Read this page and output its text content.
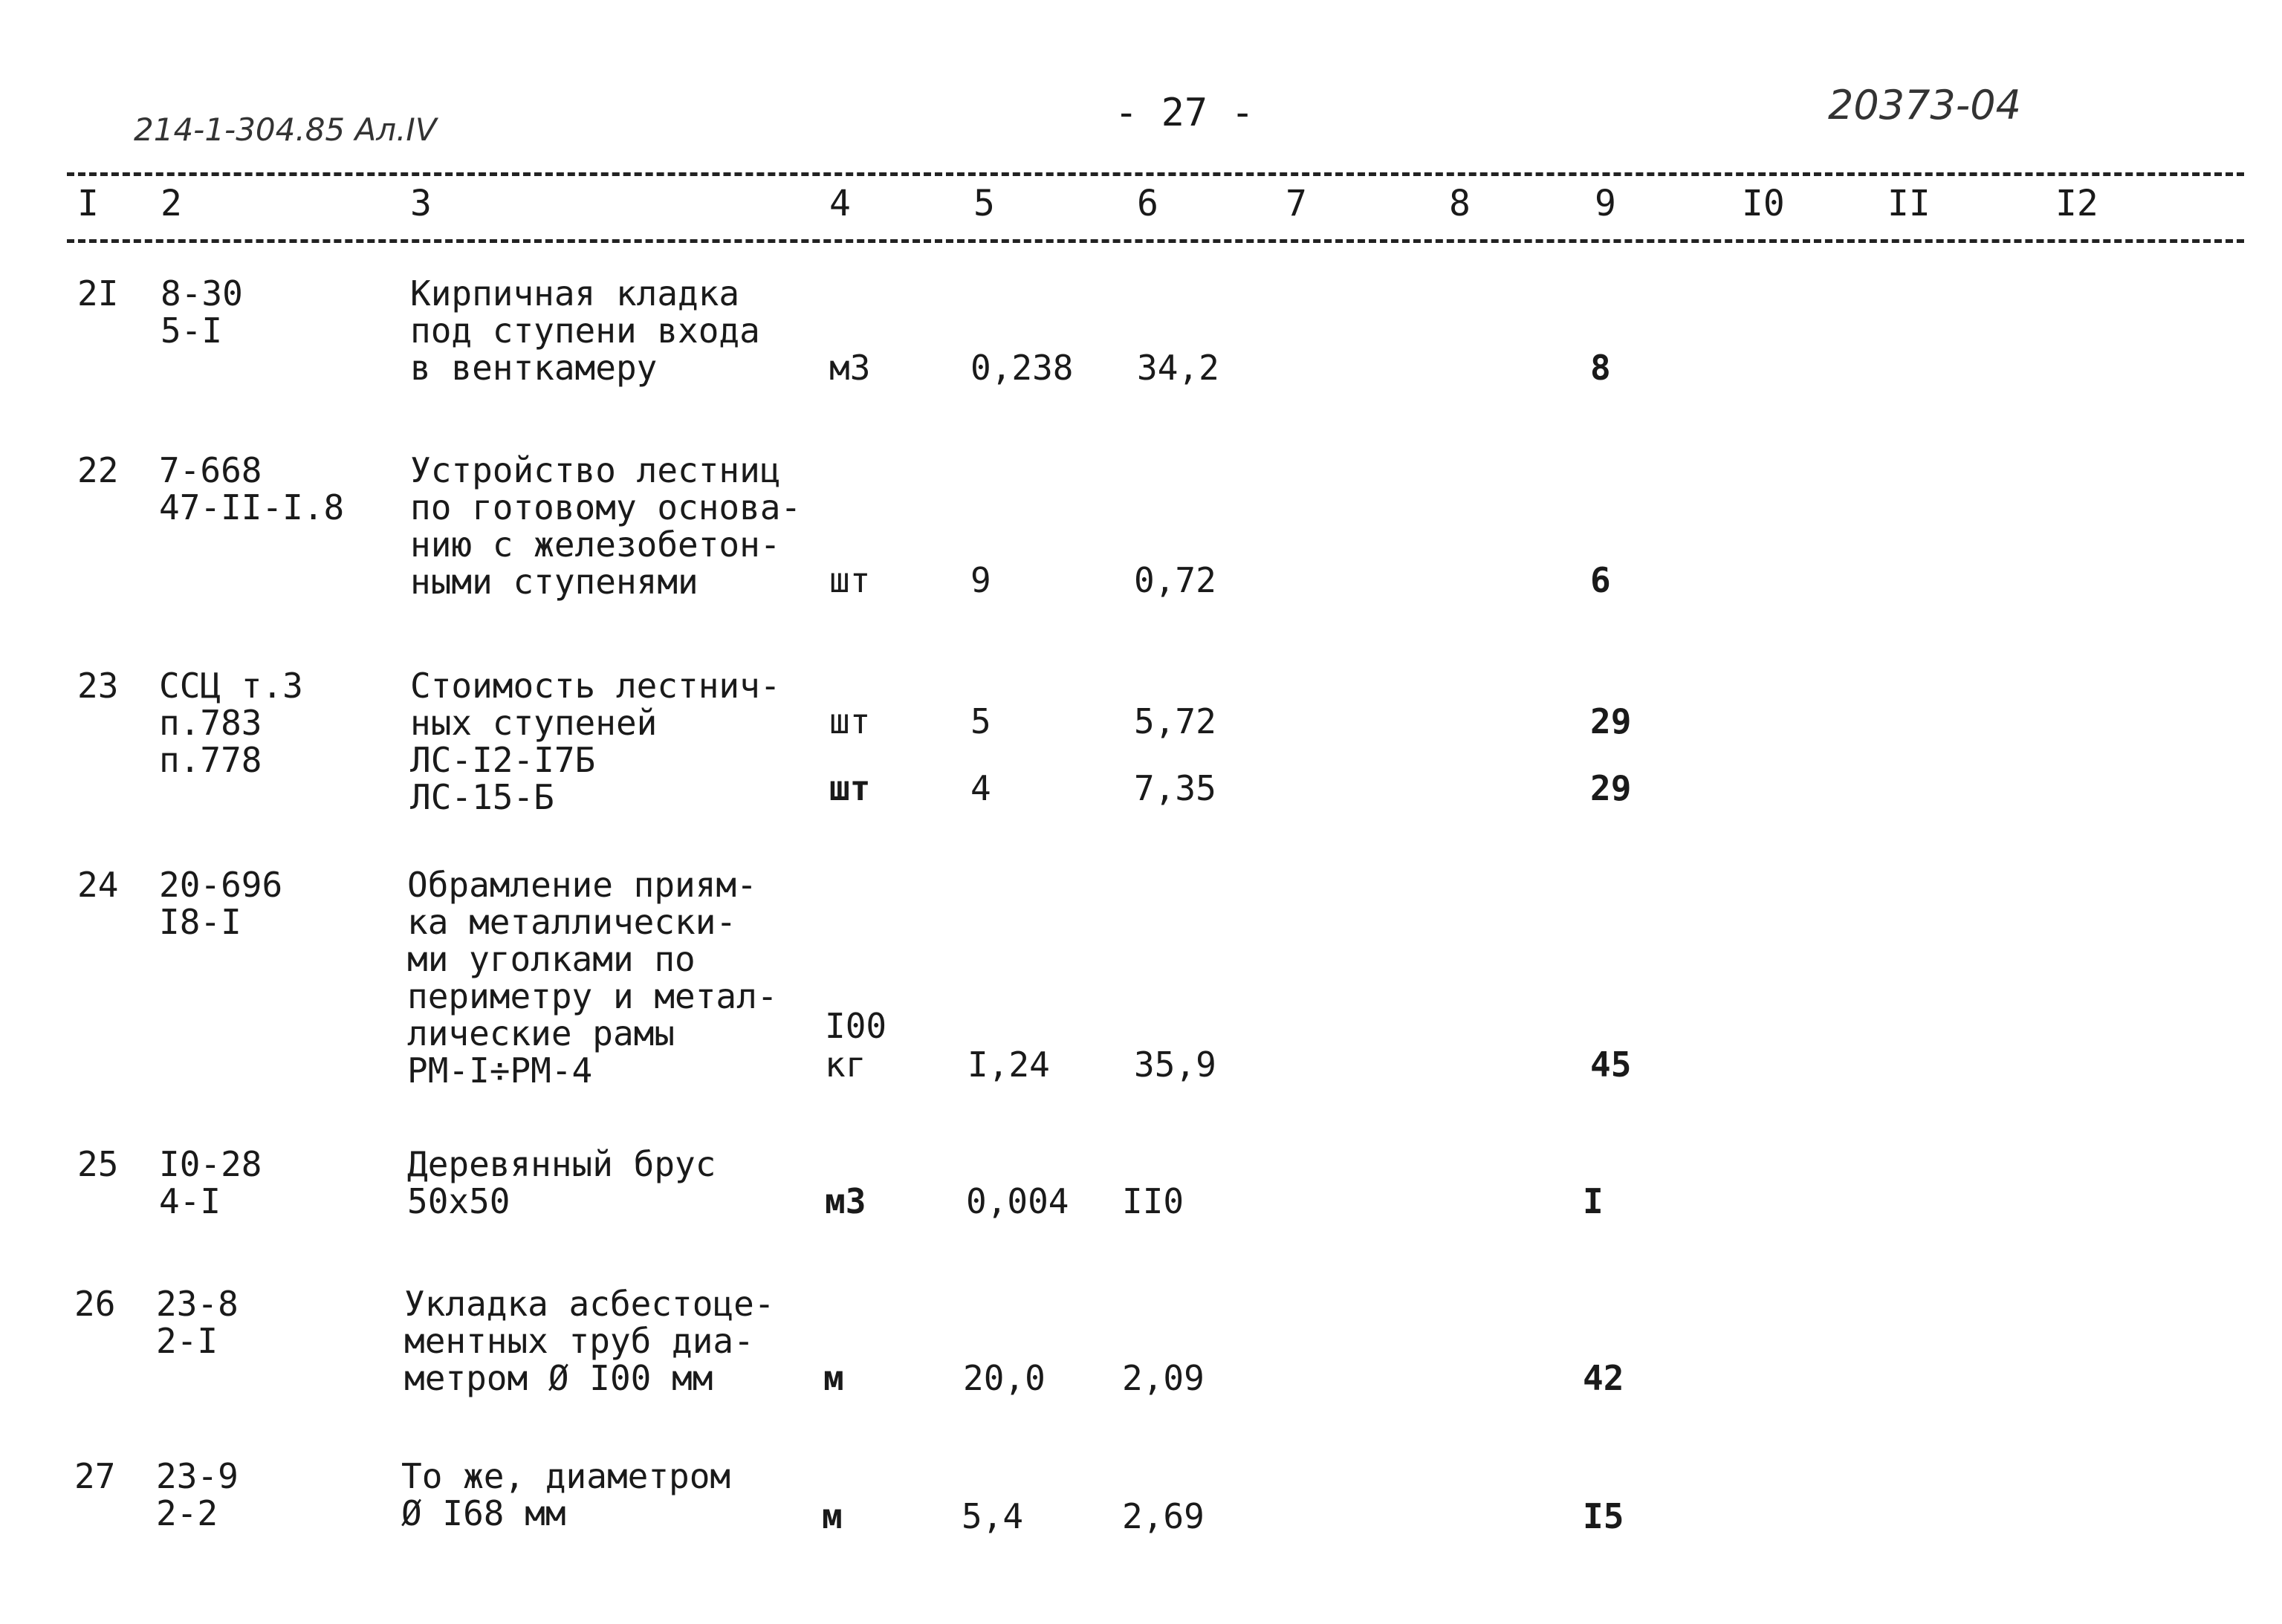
214-1-304.85 Ал.IV	- 27 -	20373-04
I 2	3	4	5	6	7	8	9	I0	II	I2
2I 8-30
5-I
Кирпичная кладка
под ступени входа
в венткамеру	м3	0,238 34,2	8
22 7-668
47-II-I.8
Устройство лестниц
по готовому основа-
нию с железобетон-
ными ступенями	шт	9	0,72	6
23 ССЦ т.3
п.783
п.778
Стоимость лестнич-
ных ступеней
ЛС-I2-I7Б
ЛС-15-Б
шт	5	5,72	29
шт	4	7,35	29
24 20-696
I8-I
Обрамление приям-
ка металлически-
ми уголками по
периметру и метал-
лические рамы
РМ-I÷РМ-4
I00
кг	I,24 35,9	45
25 I0-28
4-I
Деревянный брус
50х50	м3	0,004 II0	I
26 23-8
2-I
Укладка асбестоце-
ментных труб диа-
метром Ø I00 мм	м	20,0 2,09	42
27 23-9
2-2
То же, диаметром
Ø I68 мм	м	5,4	2,69	I5
